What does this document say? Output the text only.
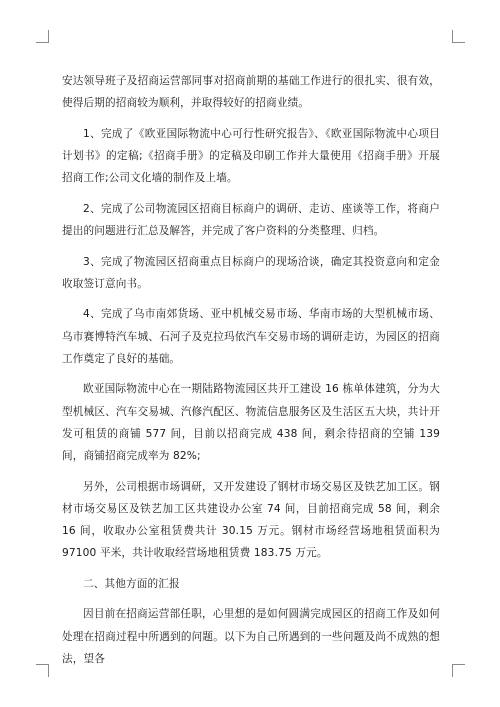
安达领导班子及招商运营部同事对招商前期的基础工作进行的很扎实、很有效，使得后期的招商较为顺利，并取得较好的招商业绩。

1、完成了《欧亚国际物流中心可行性研究报告》、《欧亚国际物流中心项目计划书》的定稿;《招商手册》的定稿及印刷工作并大量使用《招商手册》开展招商工作;公司文化墙的制作及上墙。

2、完成了公司物流园区招商目标商户的调研、走访、座谈等工作，将商户提出的问题进行汇总及解答，并完成了客户资料的分类整理、归档。

3、完成了物流园区招商重点目标商户的现场洽谈，确定其投资意向和定金收取签订意向书。

4、完成了乌市南郊货场、亚中机械交易市场、华南市场的大型机械市场、乌市赛博特汽车城、石河子及克拉玛依汽车交易市场的调研走访，为园区的招商工作奠定了良好的基础。

欧亚国际物流中心在一期陆路物流园区共开工建设 16 栋单体建筑，分为大型机械区、汽车交易城、汽修汽配区、物流信息服务区及生活区五大块，共计开发可租赁的商铺 577 间，目前以招商完成 438 间，剩余待招商的空铺 139 间，商铺招商完成率为 82%;

另外，公司根据市场调研，又开发建设了钢材市场交易区及铁艺加工区。钢材市场交易区及铁艺加工区共建设办公室 74 间，目前招商完成 58 间，剩余 16 间，收取办公室租赁费共计 30.15 万元。钢材市场经营场地租赁面积为 97100 平米，共计收取经营场地租赁费 183.75 万元。

二、其他方面的汇报

因目前在招商运营部任职，心里想的是如何圆满完成园区的招商工作及如何处理在招商过程中所遇到的问题。以下为自己所遇到的一些问题及尚不成熟的想法，望各
